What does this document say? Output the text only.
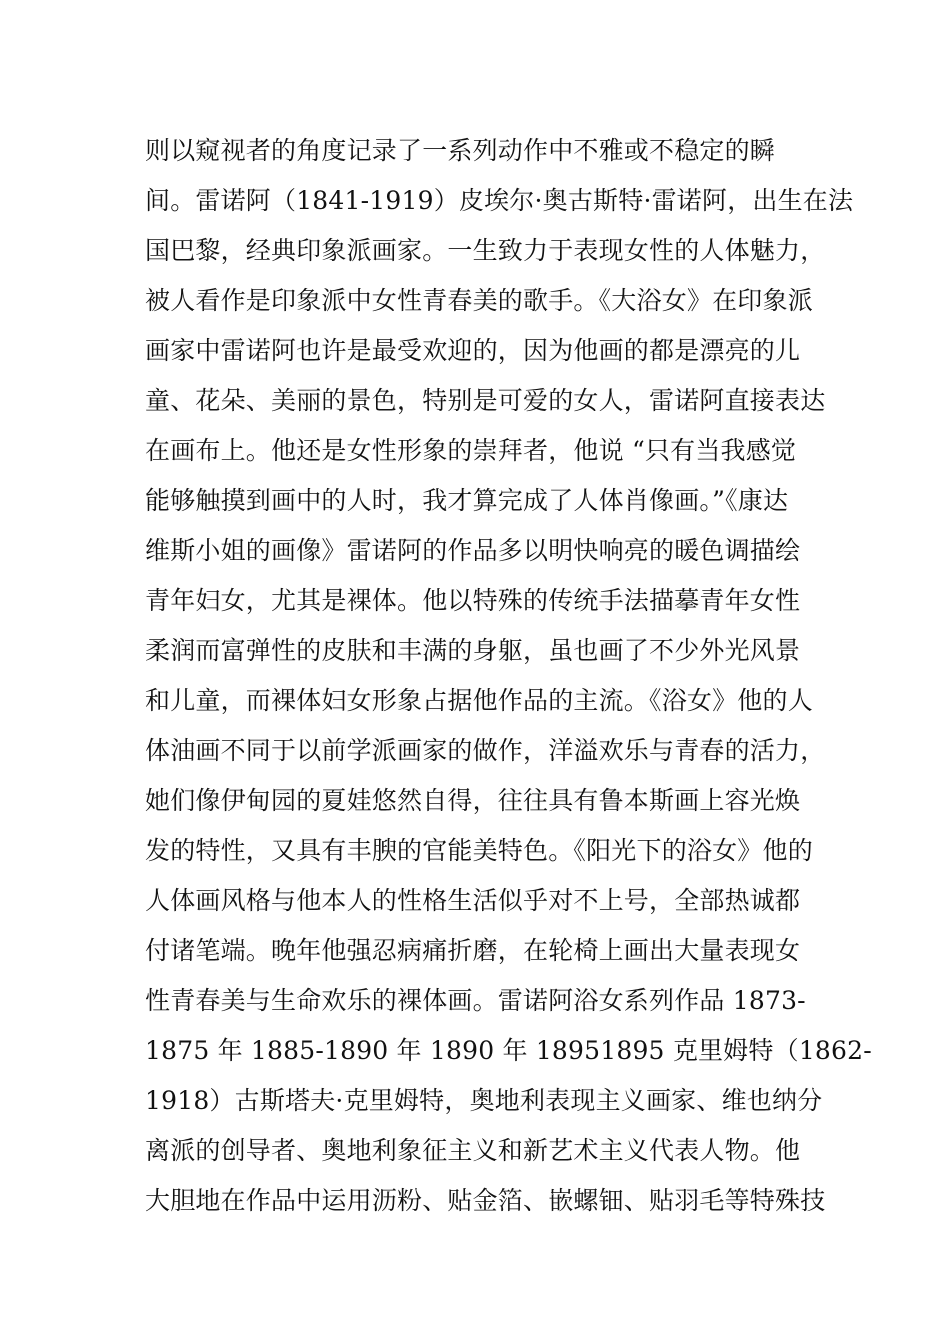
则以窥视者的角度记录了一系列动作中不雅或不稳定的瞬
间。雷诺阿（1841-1919）皮埃尔·奥古斯特·雷诺阿，出生在法
国巴黎，经典印象派画家。一生致力于表现女性的人体魅力，
被人看作是印象派中女性青春美的歌手。《大浴女》在印象派
画家中雷诺阿也许是最受欢迎的，因为他画的都是漂亮的儿
童、花朵、美丽的景色，特别是可爱的女人，雷诺阿直接表达
在画布上。他还是女性形象的崇拜者，他说 “只有当我感觉
能够触摸到画中的人时，我才算完成了人体肖像画。”《康达
维斯小姐的画像》雷诺阿的作品多以明快响亮的暖色调描绘
青年妇女，尤其是裸体。他以特殊的传统手法描摹青年女性
柔润而富弹性的皮肤和丰满的身躯，虽也画了不少外光风景
和儿童，而裸体妇女形象占据他作品的主流。《浴女》他的人
体油画不同于以前学派画家的做作，洋溢欢乐与青春的活力，
她们像伊甸园的夏娃悠然自得，往往具有鲁本斯画上容光焕
发的特性，又具有丰腴的官能美特色。《阳光下的浴女》他的
人体画风格与他本人的性格生活似乎对不上号，全部热诚都
付诸笔端。晚年他强忍病痛折磨，在轮椅上画出大量表现女
性青春美与生命欢乐的裸体画。雷诺阿浴女系列作品 1873-
1875 年 1885-1890 年 1890 年 18951895 克里姆特（1862-
1918）古斯塔夫·克里姆特，奥地利表现主义画家、维也纳分
离派的创导者、奥地利象征主义和新艺术主义代表人物。他
大胆地在作品中运用沥粉、贴金箔、嵌螺钿、贴羽毛等特殊技
